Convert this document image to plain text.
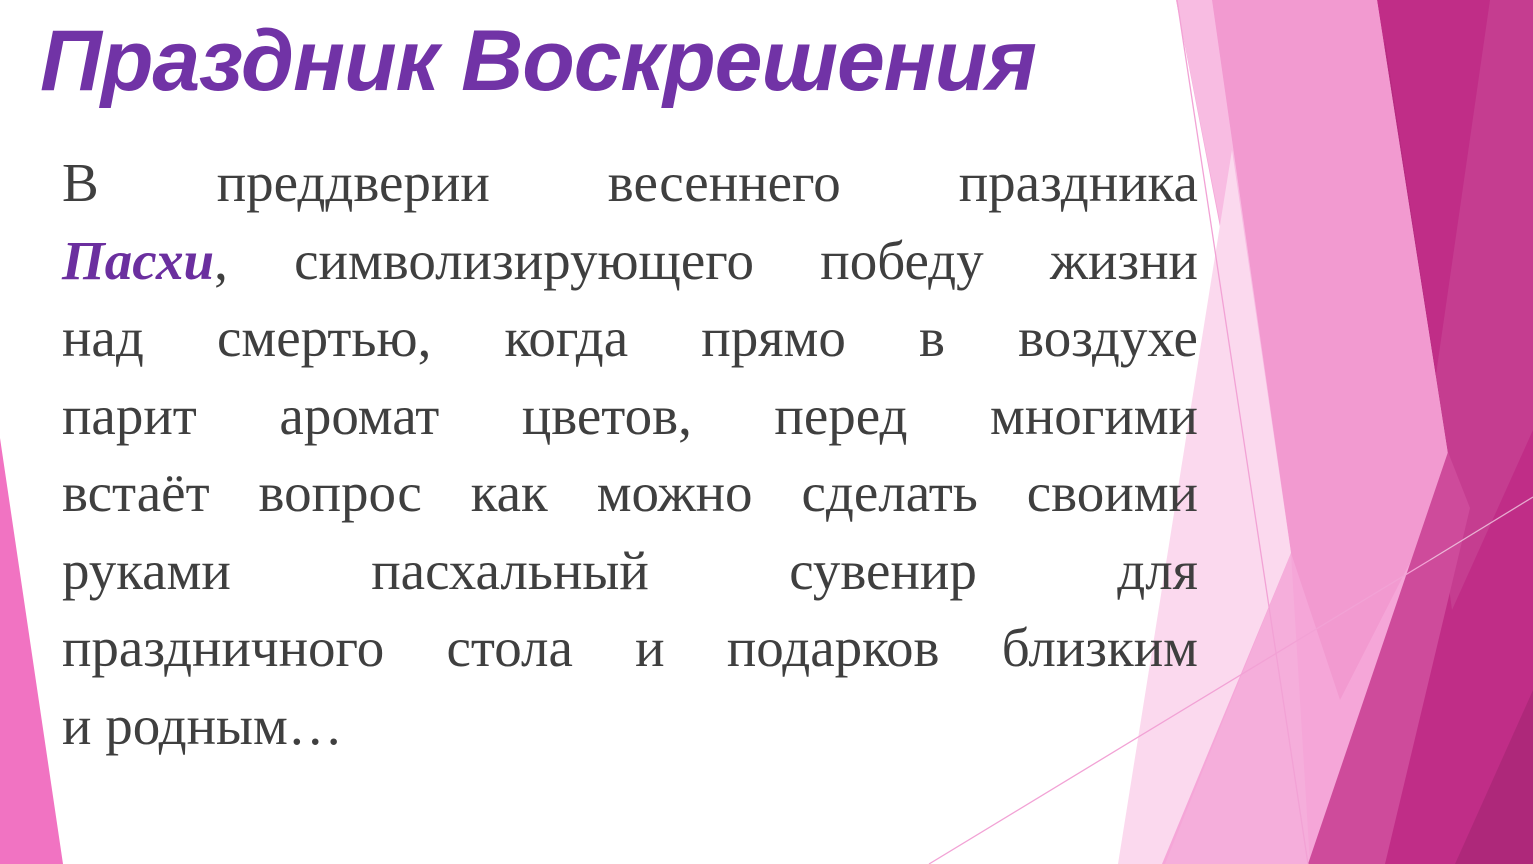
Праздник Воскрешения
В преддверии весеннего праздника
Пасхи, символизирующего победу жизни
над смертью, когда прямо в воздухе
парит аромат цветов, перед многими
встаёт вопрос как можно сделать своими
руками	пасхальный	сувенир	для
праздничного стола и подарков близким
и родным…
